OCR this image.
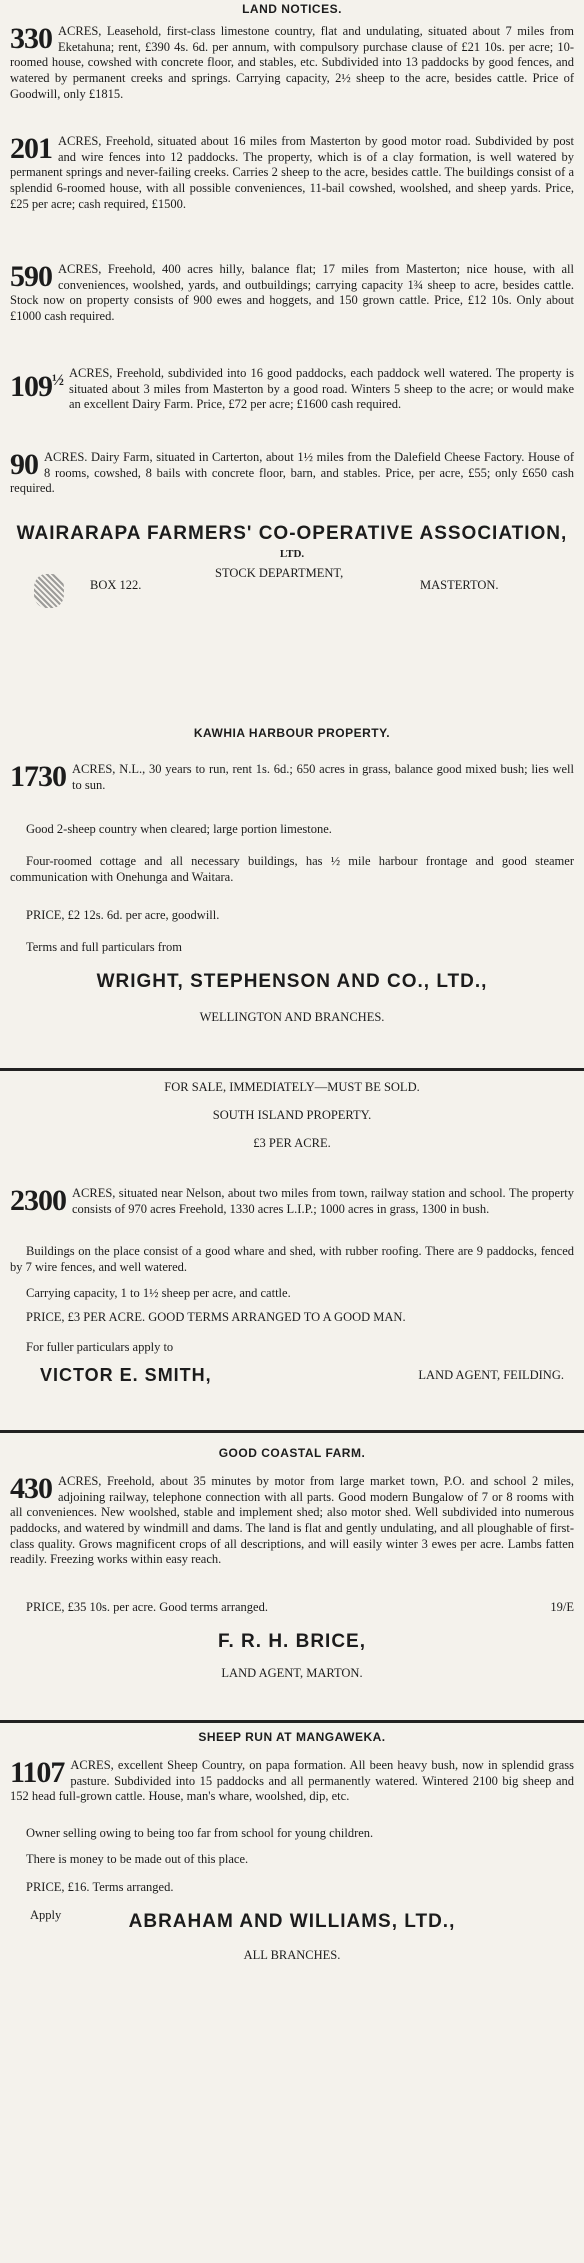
LAND NOTICES.
330 ACRES, Leasehold, first-class limestone country, flat and undulating, situated about 7 miles from Eketahuna; rent, £390 4s. 6d. per annum, with compulsory purchase clause of £21 10s. per acre; 10-roomed house, cowshed with concrete floor, and stables, etc. Subdivided into 13 paddocks by good fences, and watered by permanent creeks and springs. Carrying capacity, 2½ sheep to the acre, besides cattle. Price of Goodwill, only £1815.
201 ACRES, Freehold, situated about 16 miles from Masterton by good motor road. Subdivided by post and wire fences into 12 paddocks. The property, which is of a clay formation, is well watered by permanent springs and never-failing creeks. Carries 2 sheep to the acre, besides cattle. The buildings consist of a splendid 6-roomed house, with all possible conveniences, 11-bail cowshed, woolshed, and sheep yards. Price, £25 per acre; cash required, £1500.
590 ACRES, Freehold, 400 acres hilly, balance flat; 17 miles from Masterton; nice house, with all conveniences, woolshed, yards, and outbuildings; carrying capacity 1¾ sheep to acre, besides cattle. Stock now on property consists of 900 ewes and hoggets, and 150 grown cattle. Price, £12 10s. Only about £1000 cash required.
$109^{\frac{1}{2}}$ ACRES, Freehold, subdivided into 16 good paddocks, each paddock well watered. The property is situated about 3 miles from Masterton by a good road. Winters 5 sheep to the acre; or would make an excellent Dairy Farm. Price, £72 per acre; £1600 cash required.
90 ACRES. Dairy Farm, situated in Carterton, about 1½ miles from the Dalefield Cheese Factory. House of 8 rooms, cowshed, 8 bails with concrete floor, barn, and stables. Price, per acre, £55; only £650 cash required.
WAIRARAPA FARMERS' CO-OPERATIVE ASSOCIATION,
LTD.
BOX 122.
STOCK DEPARTMENT,
MASTERTON.
KAWHIA HARBOUR PROPERTY.
1730 ACRES, N.L., 30 years to run, rent 1s. 6d.; 650 acres in grass, balance good mixed bush; lies well to sun.
Good 2-sheep country when cleared; large portion limestone.
Four-roomed cottage and all necessary buildings, has ½ mile harbour frontage and good steamer communication with Onehunga and Waitara.
PRICE, £2 12s. 6d. per acre, goodwill.
Terms and full particulars from
WRIGHT, STEPHENSON AND CO., LTD.,
WELLINGTON AND BRANCHES.
FOR SALE, IMMEDIATELY—MUST BE SOLD.
SOUTH ISLAND PROPERTY.
£3 PER ACRE.
2300 ACRES, situated near Nelson, about two miles from town, railway station and school. The property consists of 970 acres Freehold, 1330 acres L.I.P.; 1000 acres in grass, 1300 in bush.
Buildings on the place consist of a good whare and shed, with rubber roofing. There are 9 paddocks, fenced by 7 wire fences, and well watered.
Carrying capacity, 1 to 1½ sheep per acre, and cattle.
PRICE, £3 PER ACRE. GOOD TERMS ARRANGED TO A GOOD MAN.
For fuller particulars apply to
VICTOR E. SMITH,	LAND AGENT, FEILDING.
GOOD COASTAL FARM.
430 ACRES, Freehold, about 35 minutes by motor from large market town, P.O. and school 2 miles, adjoining railway, telephone connection with all parts. Good modern Bungalow of 7 or 8 rooms with all conveniences. New woolshed, stable and implement shed; also motor shed. Well subdivided into numerous paddocks, and watered by windmill and dams. The land is flat and gently undulating, and all ploughable of first-class quality. Grows magnificent crops of all descriptions, and will easily winter 3 ewes per acre. Lambs fatten readily. Freezing works within easy reach.
PRICE, £35 10s. per acre. Good terms arranged.	19/E
F. R. H. BRICE,
LAND AGENT, MARTON.
SHEEP RUN AT MANGAWEKA.
1107 ACRES, excellent Sheep Country, on papa formation. All been heavy bush, now in splendid grass pasture. Subdivided into 15 paddocks and all permanently watered. Wintered 2100 big sheep and 152 head full-grown cattle. House, man's whare, woolshed, dip, etc.
Owner selling owing to being too far from school for young children.
There is money to be made out of this place.
PRICE, £16. Terms arranged.
Apply	ABRAHAM AND WILLIAMS, LTD.,
ALL BRANCHES.
